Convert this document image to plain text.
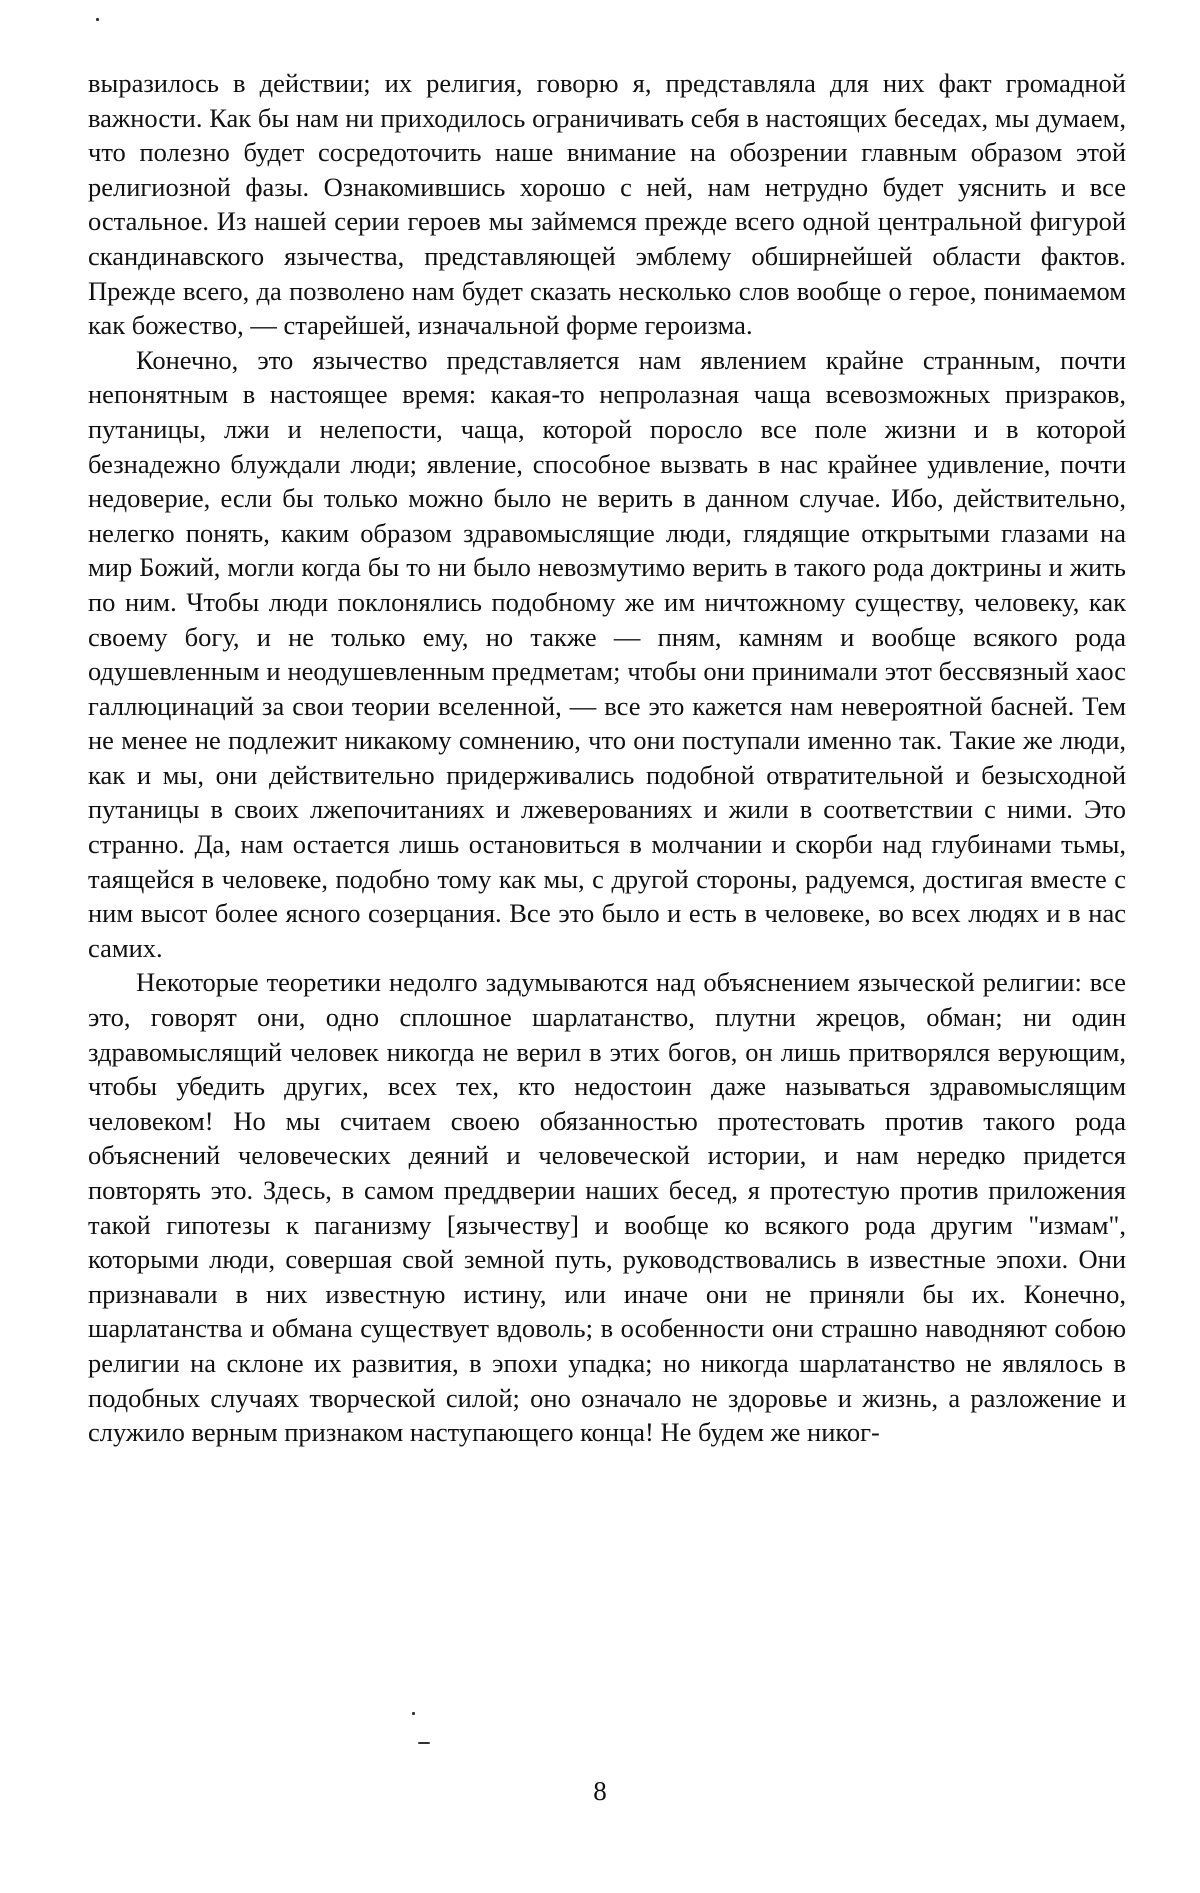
выразилось в действии; их религия, говорю я, представляла для них факт громадной важности. Как бы нам ни приходилось ограничивать себя в настоящих беседах, мы думаем, что полезно будет сосредоточить наше внимание на обозрении главным образом этой религиозной фазы. Ознакомившись хорошо с ней, нам нетрудно будет уяснить и все остальное. Из нашей серии героев мы займемся прежде всего одной центральной фигурой скандинавского язычества, представляющей эмблему обширнейшей области фактов. Прежде всего, да позволено нам будет сказать несколько слов вообще о герое, понимаемом как божество, — старейшей, изначальной форме героизма.

Конечно, это язычество представляется нам явлением крайне странным, почти непонятным в настоящее время: какая-то непролазная чаща всевозможных призраков, путаницы, лжи и нелепости, чаща, которой поросло все поле жизни и в которой безнадежно блуждали люди; явление, способное вызвать в нас крайнее удивление, почти недоверие, если бы только можно было не верить в данном случае. Ибо, действительно, нелегко понять, каким образом здравомыслящие люди, глядящие открытыми глазами на мир Божий, могли когда бы то ни было невозмутимо верить в такого рода доктрины и жить по ним. Чтобы люди поклонялись подобному же им ничтожному существу, человеку, как своему богу, и не только ему, но также — пням, камням и вообще всякого рода одушевленным и неодушевленным предметам; чтобы они принимали этот бессвязный хаос галлюцинаций за свои теории вселенной, — все это кажется нам невероятной басней. Тем не менее не подлежит никакому сомнению, что они поступали именно так. Такие же люди, как и мы, они действительно придерживались подобной отвратительной и безысходной путаницы в своих лжепочитаниях и лжеверованиях и жили в соответствии с ними. Это странно. Да, нам остается лишь остановиться в молчании и скорби над глубинами тьмы, таящейся в человеке, подобно тому как мы, с другой стороны, радуемся, достигая вместе с ним высот более ясного созерцания. Все это было и есть в человеке, во всех людях и в нас самих.

Некоторые теоретики недолго задумываются над объяснением языческой религии: все это, говорят они, одно сплошное шарлатанство, плутни жрецов, обман; ни один здравомыслящий человек никогда не верил в этих богов, он лишь притворялся верующим, чтобы убедить других, всех тех, кто недостоин даже называться здравомыслящим человеком! Но мы считаем своею обязанностью протестовать против такого рода объяснений человеческих деяний и человеческой истории, и нам нередко придется повторять это. Здесь, в самом преддверии наших бесед, я протестую против приложения такой гипотезы к паганизму [язычеству] и вообще ко всякого рода другим "измам", которыми люди, совершая свой земной путь, руководствовались в известные эпохи. Они признавали в них известную истину, или иначе они не приняли бы их. Конечно, шарлатанства и обмана существует вдоволь; в особенности они страшно наводняют собою религии на склоне их развития, в эпохи упадка; но никогда шарлатанство не являлось в подобных случаях творческой силой; оно означало не здоровье и жизнь, а разложение и служило верным признаком наступающего конца! Не будем же никог-

8
